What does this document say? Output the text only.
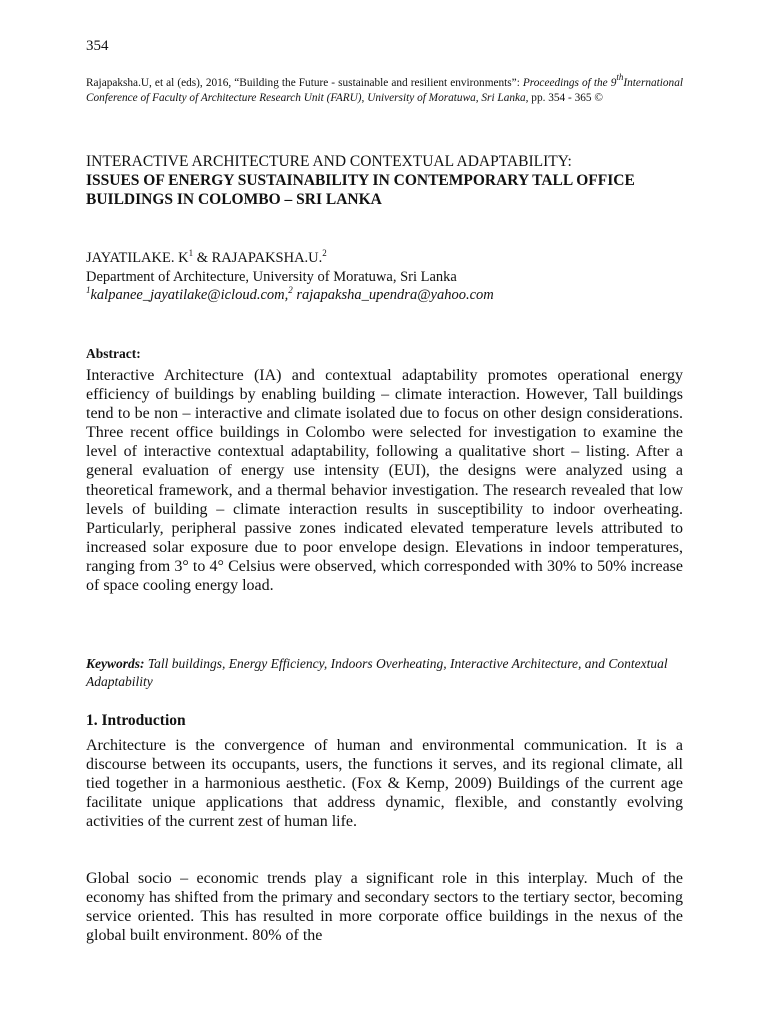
354
Rajapaksha.U, et al (eds), 2016, “Building the Future - sustainable and resilient environments”: Proceedings of the 9thInternational Conference of Faculty of Architecture Research Unit (FARU), University of Moratuwa, Sri Lanka, pp. 354 - 365 ©
INTERACTIVE ARCHITECTURE AND CONTEXTUAL ADAPTABILITY:
ISSUES OF ENERGY SUSTAINABILITY IN CONTEMPORARY TALL OFFICE BUILDINGS IN COLOMBO – SRI LANKA
JAYATILAKE. $K^1$ & RAJAPAKSHA.U.$^2$
Department of Architecture, University of Moratuwa, Sri Lanka
$^1$kalpanee_jayatilake@icloud.com,$^2$ rajapaksha_upendra@yahoo.com
Abstract:
Interactive Architecture (IA) and contextual adaptability promotes operational energy efficiency of buildings by enabling building – climate interaction. However, Tall buildings tend to be non – interactive and climate isolated due to focus on other design considerations. Three recent office buildings in Colombo were selected for investigation to examine the level of interactive contextual adaptability, following a qualitative short – listing. After a general evaluation of energy use intensity (EUI), the designs were analyzed using a theoretical framework, and a thermal behavior investigation. The research revealed that low levels of building – climate interaction results in susceptibility to indoor overheating. Particularly, peripheral passive zones indicated elevated temperature levels attributed to increased solar exposure due to poor envelope design. Elevations in indoor temperatures, ranging from 3° to 4° Celsius were observed, which corresponded with 30% to 50% increase of space cooling energy load.
Keywords: Tall buildings, Energy Efficiency, Indoors Overheating, Interactive Architecture, and Contextual Adaptability
1. Introduction
Architecture is the convergence of human and environmental communication. It is a discourse between its occupants, users, the functions it serves, and its regional climate, all tied together in a harmonious aesthetic. (Fox & Kemp, 2009) Buildings of the current age facilitate unique applications that address dynamic, flexible, and constantly evolving activities of the current zest of human life.
Global socio – economic trends play a significant role in this interplay. Much of the economy has shifted from the primary and secondary sectors to the tertiary sector, becoming service oriented. This has resulted in more corporate office buildings in the nexus of the global built environment. 80% of the
